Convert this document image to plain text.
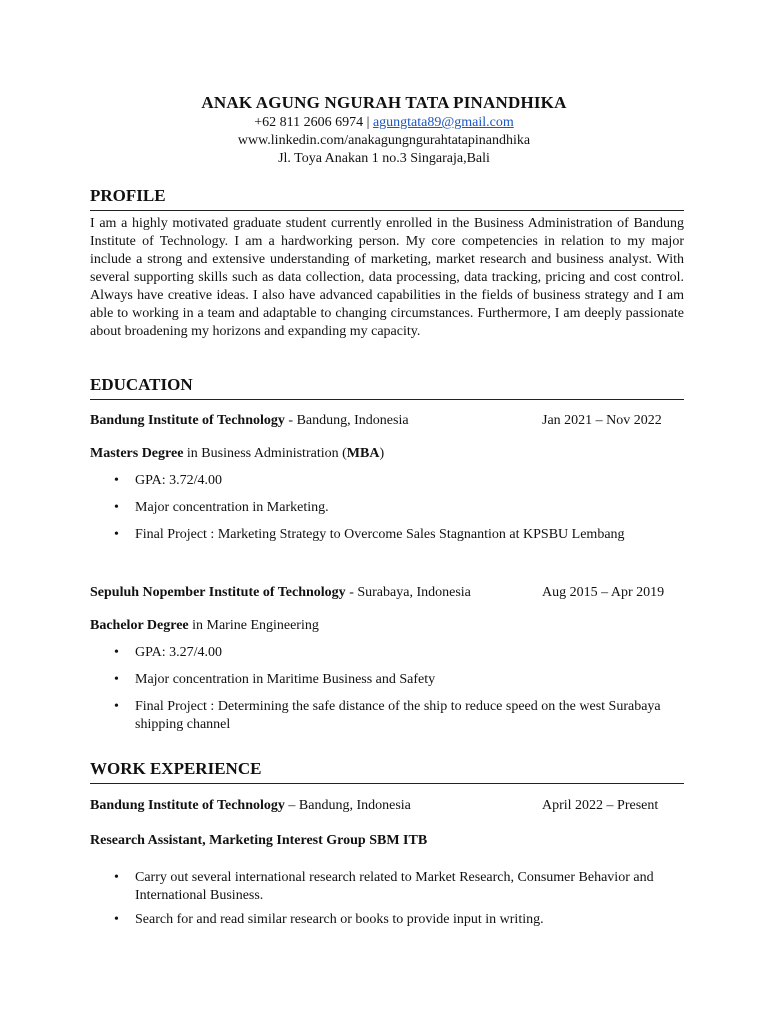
ANAK AGUNG NGURAH TATA PINANDHIKA
+62 811 2606 6974 | agungtata89@gmail.com
www.linkedin.com/anakagungngurahtatapinandhika
Jl. Toya Anakan 1 no.3 Singaraja,Bali
PROFILE
I am a highly motivated graduate student currently enrolled in the Business Administration of Bandung Institute of Technology. I am a hardworking person. My core competencies in relation to my major include a strong and extensive understanding of marketing, market research and business analyst. With several supporting skills such as data collection, data processing, data tracking, pricing and cost control. Always have creative ideas. I also have advanced capabilities in the fields of business strategy and I am able to working in a team and adaptable to changing circumstances. Furthermore, I am deeply passionate about broadening my horizons and expanding my capacity.
EDUCATION
Bandung Institute of Technology - Bandung, Indonesia	Jan 2021 – Nov 2022
Masters Degree in Business Administration (MBA)
• GPA: 3.72/4.00
• Major concentration in Marketing.
• Final Project : Marketing Strategy to Overcome Sales Stagnantion at KPSBU Lembang
Sepuluh Nopember Institute of Technology - Surabaya, Indonesia	Aug 2015 – Apr 2019
Bachelor Degree in Marine Engineering
• GPA: 3.27/4.00
• Major concentration in Maritime Business and Safety
• Final Project : Determining the safe distance of the ship to reduce speed on the west Surabaya shipping channel
WORK EXPERIENCE
Bandung Institute of Technology – Bandung, Indonesia	April 2022 – Present
Research Assistant, Marketing Interest Group SBM ITB
• Carry out several international research related to Market Research, Consumer Behavior and International Business.
• Search for and read similar research or books to provide input in writing.
